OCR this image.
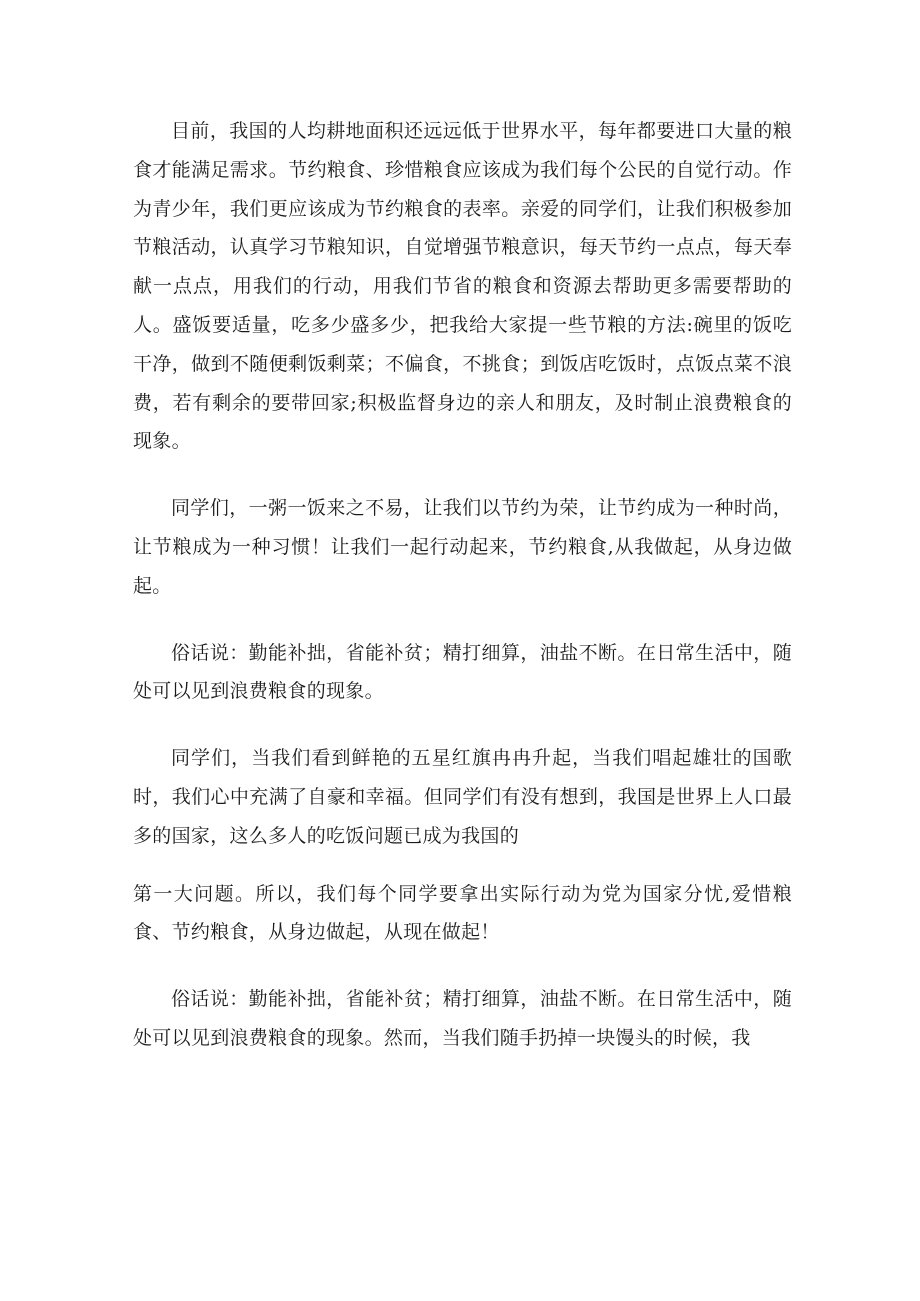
目前，我国的人均耕地面积还远远低于世界水平，每年都要进口大量的粮食才能满足需求。节约粮食、珍惜粮食应该成为我们每个公民的自觉行动。作为青少年，我们更应该成为节约粮食的表率。亲爱的同学们，让我们积极参加节粮活动，认真学习节粮知识，自觉增强节粮意识，每天节约一点点，每天奉献一点点，用我们的行动，用我们节省的粮食和资源去帮助更多需要帮助的人。盛饭要适量，吃多少盛多少，把我给大家提一些节粮的方法:碗里的饭吃干净，做到不随便剩饭剩菜；不偏食，不挑食；到饭店吃饭时，点饭点菜不浪费，若有剩余的要带回家;积极监督身边的亲人和朋友，及时制止浪费粮食的现象。

同学们，一粥一饭来之不易，让我们以节约为荣，让节约成为一种时尚，让节粮成为一种习惯！让我们一起行动起来，节约粮食,从我做起，从身边做起。

俗话说：勤能补拙，省能补贫；精打细算，油盐不断。在日常生活中，随处可以见到浪费粮食的现象。

同学们，当我们看到鲜艳的五星红旗冉冉升起，当我们唱起雄壮的国歌时，我们心中充满了自豪和幸福。但同学们有没有想到，我国是世界上人口最多的国家，这么多人的吃饭问题已成为我国的

第一大问题。所以，我们每个同学要拿出实际行动为党为国家分忧,爱惜粮食、节约粮食，从身边做起，从现在做起！

俗话说：勤能补拙，省能补贫；精打细算，油盐不断。在日常生活中，随处可以见到浪费粮食的现象。然而，当我们随手扔掉一块馒头的时候，我
